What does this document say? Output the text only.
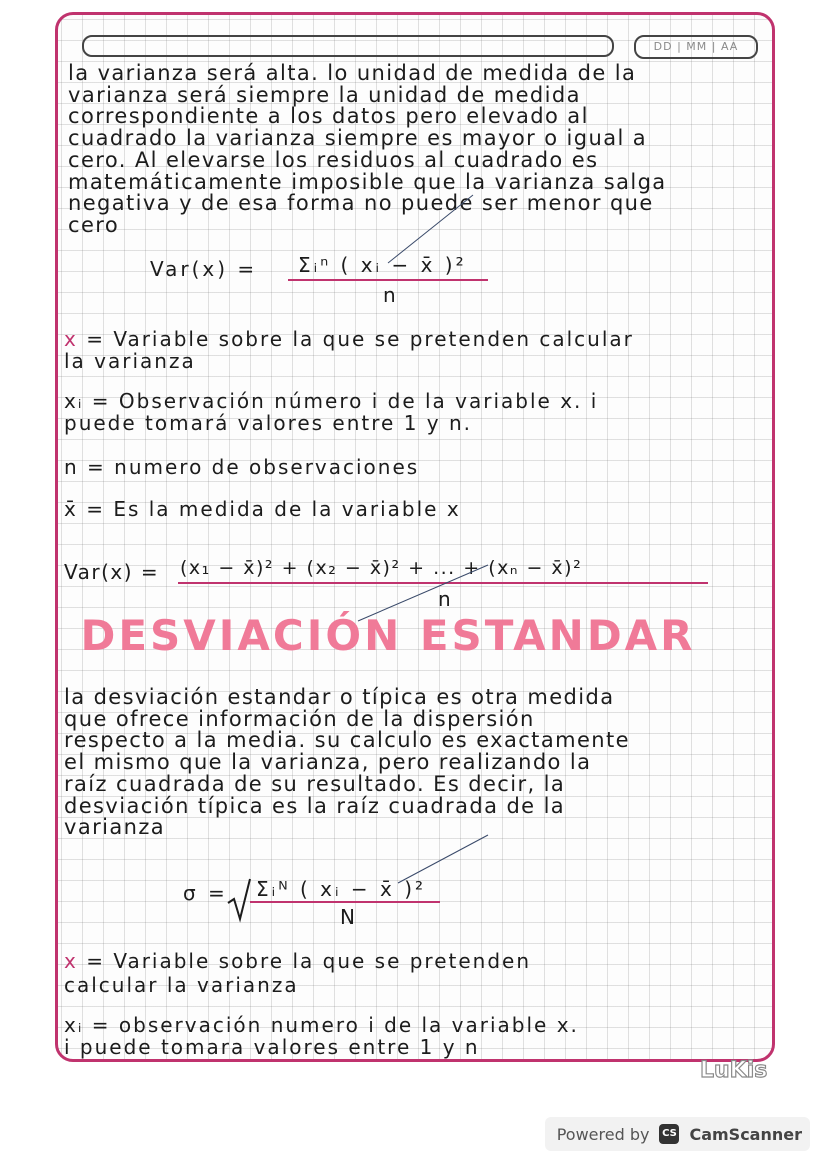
DD | MM | AA
la varianza será alta. lo unidad de medida de la
varianza será siempre la unidad de medida
correspondiente a los datos pero elevado al
cuadrado la varianza siempre es mayor o igual a
cero. Al elevarse los residuos al cuadrado es
matemáticamente imposible que la varianza salga
negativa y de esa forma no puede ser menor que
cero
Var(x) = Σᵢⁿ ( xᵢ − x̄ )²
n
x = Variable sobre la que se pretenden calcular
la varianza
xᵢ = Observación número i de la variable x. i
puede tomará valores entre 1 y n.
n = numero de observaciones
x̄ = Es la medida de la variable x
Var(x) = (x₁ − x̄)² + (x₂ − x̄)² + ... + (xₙ − x̄)²
n
DESVIACIÓN ESTANDAR
la desviación estandar o típica es otra medida
que ofrece información de la dispersión
respecto a la media. su calculo es exactamente
el mismo que la varianza, pero realizando la
raíz cuadrada de su resultado. Es decir, la
desviación típica es la raíz cuadrada de la
varianza
σ = Σᵢᴺ ( xᵢ − x̄ )²
N
x = Variable sobre la que se pretenden
calcular la varianza
xᵢ = observación numero i de la variable x.
i puede tomara valores entre 1 y n
LuKis
Powered by CS CamScanner
